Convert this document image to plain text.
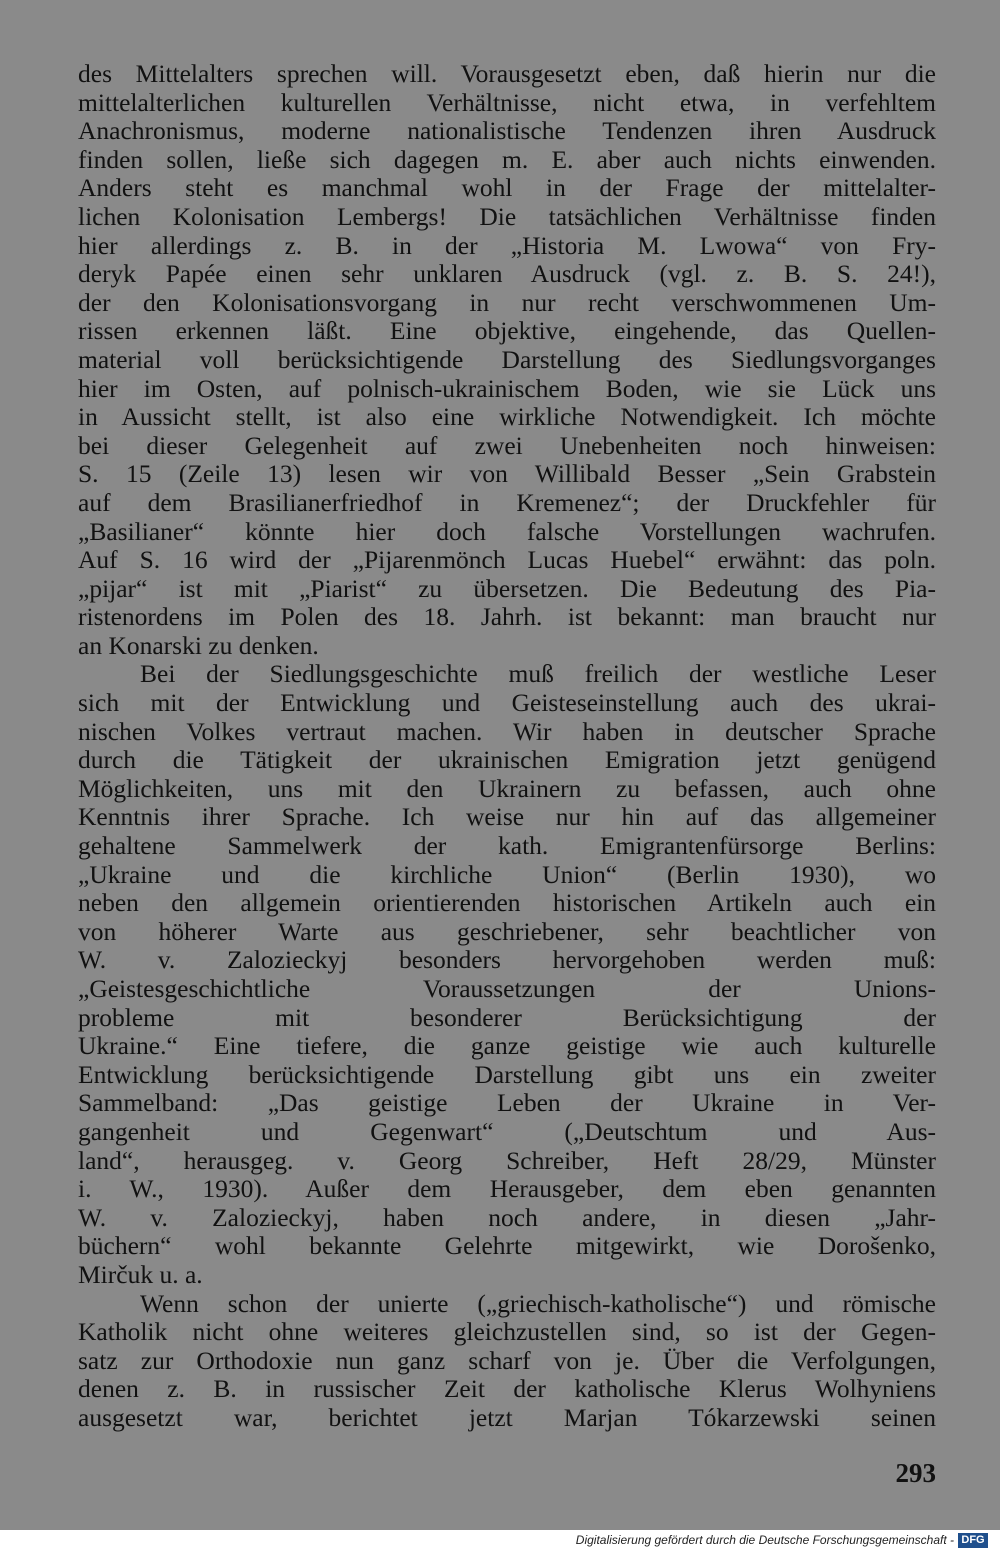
des Mittelalters sprechen will. Vorausgesetzt eben, daß hierin nur die
mittelalterlichen kulturellen Verhältnisse, nicht etwa, in verfehltem
Anachronismus, moderne nationalistische Tendenzen ihren Ausdruck
finden sollen, ließe sich dagegen m. E. aber auch nichts einwenden.
Anders steht es manchmal wohl in der Frage der mittelalter-
lichen Kolonisation Lembergs! Die tatsächlichen Verhältnisse finden
hier allerdings z. B. in der „Historia M. Lwowa“ von Fry-
deryk Papée einen sehr unklaren Ausdruck (vgl. z. B. S. 24!),
der den Kolonisationsvorgang in nur recht verschwommenen Um-
rissen erkennen läßt. Eine objektive, eingehende, das Quellen-
material voll berücksichtigende Darstellung des Siedlungsvorganges
hier im Osten, auf polnisch-ukrainischem Boden, wie sie Lück uns
in Aussicht stellt, ist also eine wirkliche Notwendigkeit. Ich möchte
bei dieser Gelegenheit auf zwei Unebenheiten noch hinweisen:
S. 15 (Zeile 13) lesen wir von Willibald Besser „Sein Grabstein
auf dem Brasilianerfriedhof in Kremenez“; der Druckfehler für
„Basilianer“ könnte hier doch falsche Vorstellungen wachrufen.
Auf S. 16 wird der „Pijarenmönch Lucas Huebel“ erwähnt: das poln.
„pijar“ ist mit „Piarist“ zu übersetzen. Die Bedeutung des Pia-
ristenordens im Polen des 18. Jahrh. ist bekannt: man braucht nur
an Konarski zu denken.
Bei der Siedlungsgeschichte muß freilich der westliche Leser
sich mit der Entwicklung und Geisteseinstellung auch des ukrai-
nischen Volkes vertraut machen. Wir haben in deutscher Sprache
durch die Tätigkeit der ukrainischen Emigration jetzt genügend
Möglichkeiten, uns mit den Ukrainern zu befassen, auch ohne
Kenntnis ihrer Sprache. Ich weise nur hin auf das allgemeiner
gehaltene Sammelwerk der kath. Emigrantenfürsorge Berlins:
„Ukraine und die kirchliche Union“ (Berlin 1930), wo
neben den allgemein orientierenden historischen Artikeln auch ein
von höherer Warte aus geschriebener, sehr beachtlicher von
W. v. Zalozieckyj besonders hervorgehoben werden muß:
„Geistesgeschichtliche Voraussetzungen der Unions-
probleme mit besonderer Berücksichtigung der
Ukraine.“ Eine tiefere, die ganze geistige wie auch kulturelle
Entwicklung berücksichtigende Darstellung gibt uns ein zweiter
Sammelband: „Das geistige Leben der Ukraine in Ver-
gangenheit und Gegenwart“ („Deutschtum und Aus-
land“, herausgeg. v. Georg Schreiber, Heft 28/29, Münster
i. W., 1930). Außer dem Herausgeber, dem eben genannten
W. v. Zalozieckyj, haben noch andere, in diesen „Jahr-
büchern“ wohl bekannte Gelehrte mitgewirkt, wie Dorošenko,
Mirčuk u. a.
Wenn schon der unierte („griechisch-katholische“) und römische
Katholik nicht ohne weiteres gleichzustellen sind, so ist der Gegen-
satz zur Orthodoxie nun ganz scharf von je. Über die Verfolgungen,
denen z. B. in russischer Zeit der katholische Klerus Wolhyniens
ausgesetzt war, berichtet jetzt Marjan Tókarzewski seinen
293
Digitalisierung gefördert durch die Deutsche Forschungsgemeinschaft - DFG
